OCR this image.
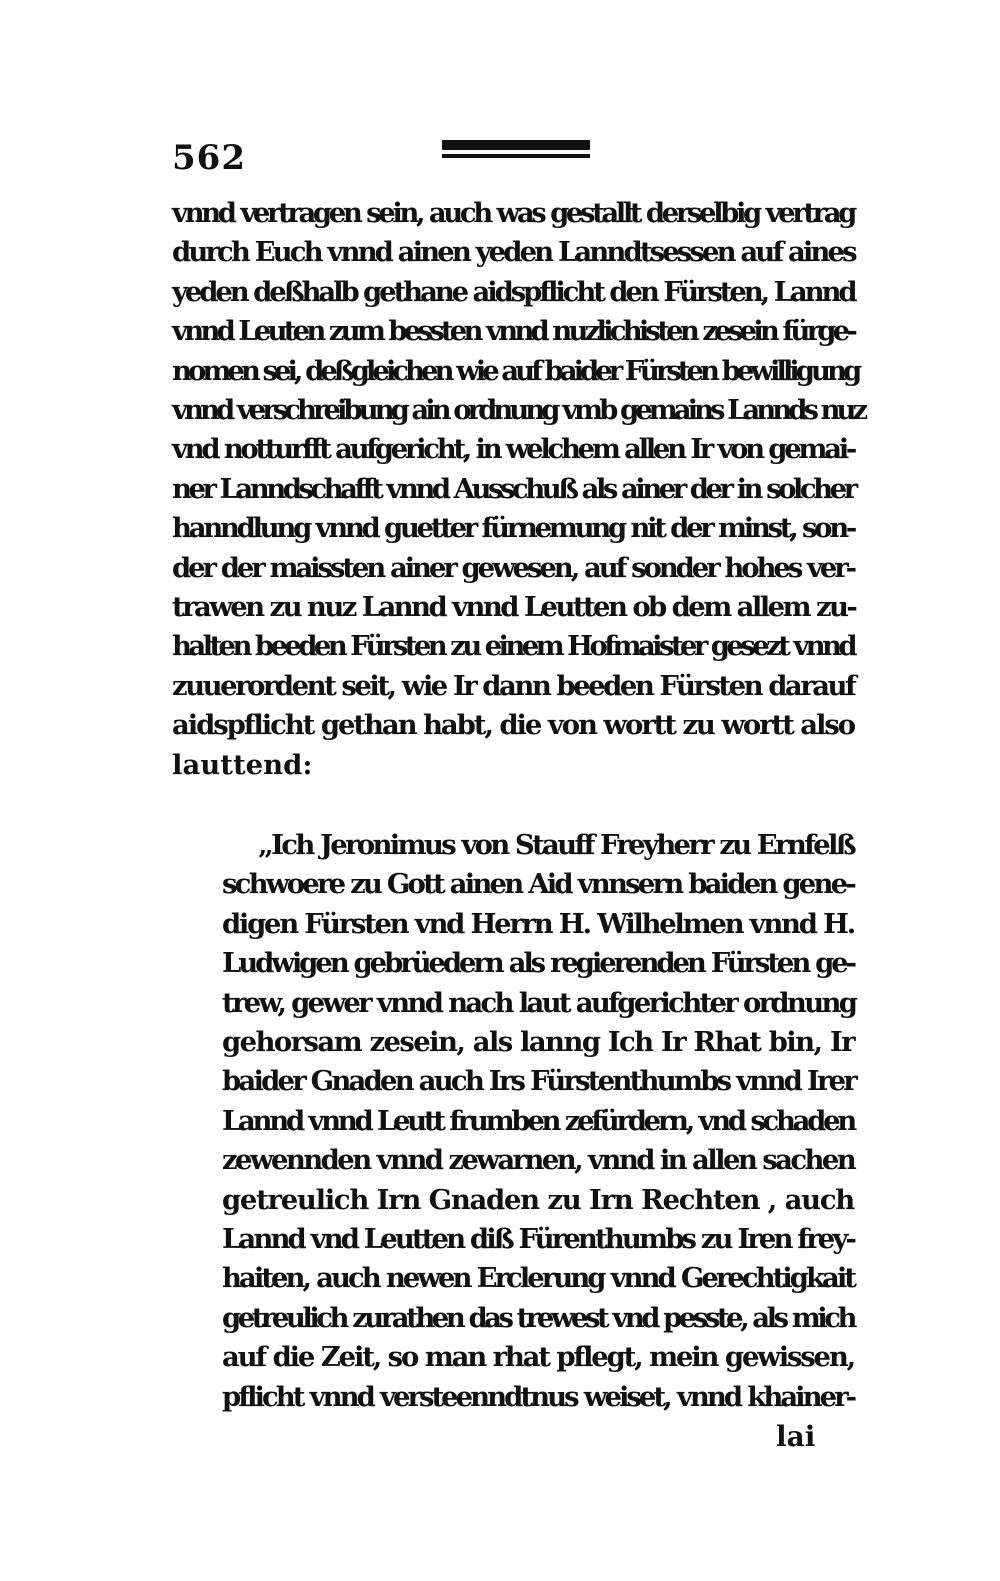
562
vnnd vertragen sein, auch was gestallt derselbig vertrag
durch Euch vnnd ainen yeden Lanndtsessen auf aines
yeden deßhalb gethane aidspflicht den Fürsten, Lannd
vnnd Leuten zum bessten vnnd nuzlichisten zesein fürge-
nomen sei, deßgleichen wie auf baider Fürsten bewilligung
vnnd verschreibung ain ordnung vmb gemains Lannds nuz
vnd notturfft aufgericht, in welchem allen Ir von gemai-
ner Lanndschafft vnnd Ausschuß als ainer der in solcher
hanndlung vnnd guetter fürnemung nit der minst, son-
der der maissten ainer gewesen, auf sonder hohes ver-
trawen zu nuz Lannd vnnd Leutten ob dem allem zu-
halten beeden Fürsten zu einem Hofmaister gesezt vnnd
zuuerordent seit, wie Ir dann beeden Fürsten darauf
aidspflicht gethan habt, die von wortt zu wortt also
lauttend:
„Ich Jeronimus von Stauff Freyherr zu Ernfelß
schwoere zu Gott ainen Aid vnnsern baiden gene-
digen Fürsten vnd Herrn H. Wilhelmen vnnd H.
Ludwigen gebrüedern als regierenden Fürsten ge-
trew, gewer vnnd nach laut aufgerichter ordnung
gehorsam zesein, als lanng Ich Ir Rhat bin, Ir
baider Gnaden auch Irs Fürstenthumbs vnnd Irer
Lannd vnnd Leutt frumben zefürdern, vnd schaden
zewennden vnnd zewarnen, vnnd in allen sachen
getreulich Irn Gnaden zu Irn Rechten , auch
Lannd vnd Leutten diß Fürenthumbs zu Iren frey-
haiten, auch newen Erclerung vnnd Gerechtigkait
getreulich zurathen das trewest vnd pesste, als mich
auf die Zeit, so man rhat pflegt, mein gewissen,
pflicht vnnd versteenndtnus weiset, vnnd khainer-
lai
